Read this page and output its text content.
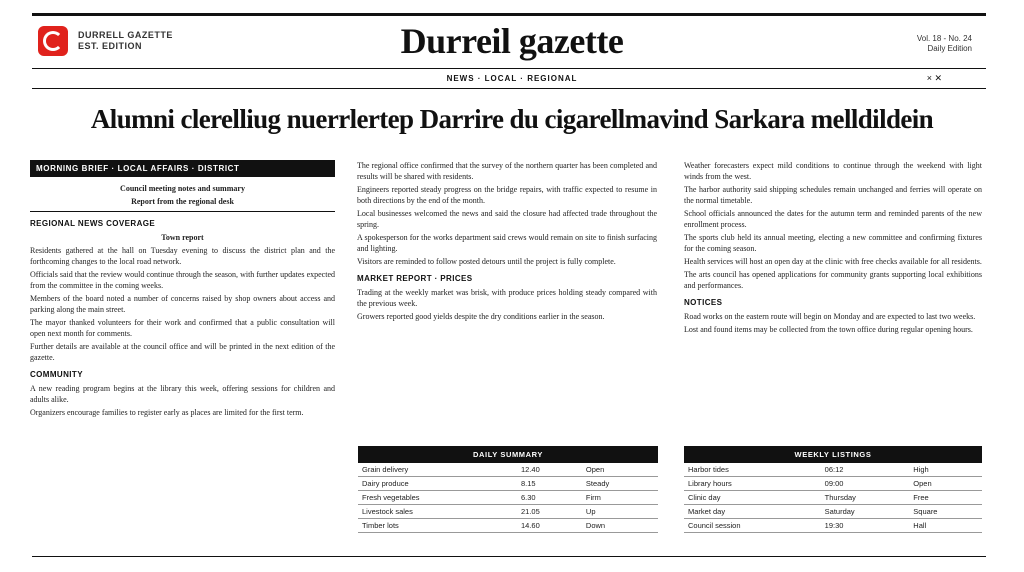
DURRELL GAZETTE
EST. EDITION	Durreil gazette	Vol. 18 - No. 24
Daily Edition
NEWS · LOCAL · REGIONAL	× ✕
Alumni clerelliug nuerrlertep Darrire du cigarellmavind Sarkara melldildein
MORNING BRIEF · LOCAL AFFAIRS · DISTRICT

Council meeting notes and summary

Report from the regional desk

REGIONAL NEWS COVERAGE

Town report

Residents gathered at the hall on Tuesday evening to discuss the district plan and the forthcoming changes to the local road network.

Officials said that the review would continue through the season, with further updates expected from the committee in the coming weeks.

Members of the board noted a number of concerns raised by shop owners about access and parking along the main street.

The mayor thanked volunteers for their work and confirmed that a public consultation will open next month for comments.

Further details are available at the council office and will be printed in the next edition of the gazette.

COMMUNITY

A new reading program begins at the library this week, offering sessions for children and adults alike.

Organizers encourage families to register early as places are limited for the first term.

The regional office confirmed that the survey of the northern quarter has been completed and results will be shared with residents.

Engineers reported steady progress on the bridge repairs, with traffic expected to resume in both directions by the end of the month.

Local businesses welcomed the news and said the closure had affected trade throughout the spring.

A spokesperson for the works department said crews would remain on site to finish surfacing and lighting.

Visitors are reminded to follow posted detours until the project is fully complete.

MARKET REPORT · PRICES

Trading at the weekly market was brisk, with produce prices holding steady compared with the previous week.

Growers reported good yields despite the dry conditions earlier in the season.

DAILY SUMMARY		
Grain delivery	12.40	Open
Dairy produce	8.15	Steady
Fresh vegetables	6.30	Firm
Livestock sales	21.05	Up
Timber lots	14.60	Down

Weather forecasters expect mild conditions to continue through the weekend with light winds from the west.

The harbor authority said shipping schedules remain unchanged and ferries will operate on the normal timetable.

School officials announced the dates for the autumn term and reminded parents of the new enrollment process.

The sports club held its annual meeting, electing a new committee and confirming fixtures for the coming season.

Health services will host an open day at the clinic with free checks available for all residents.

The arts council has opened applications for community grants supporting local exhibitions and performances.

NOTICES

Road works on the eastern route will begin on Monday and are expected to last two weeks.

Lost and found items may be collected from the town office during regular opening hours.

WEEKLY LISTINGS		
Harbor tides	06:12	High
Library hours	09:00	Open
Clinic day	Thursday	Free
Market day	Saturday	Square
Council session	19:30	Hall
